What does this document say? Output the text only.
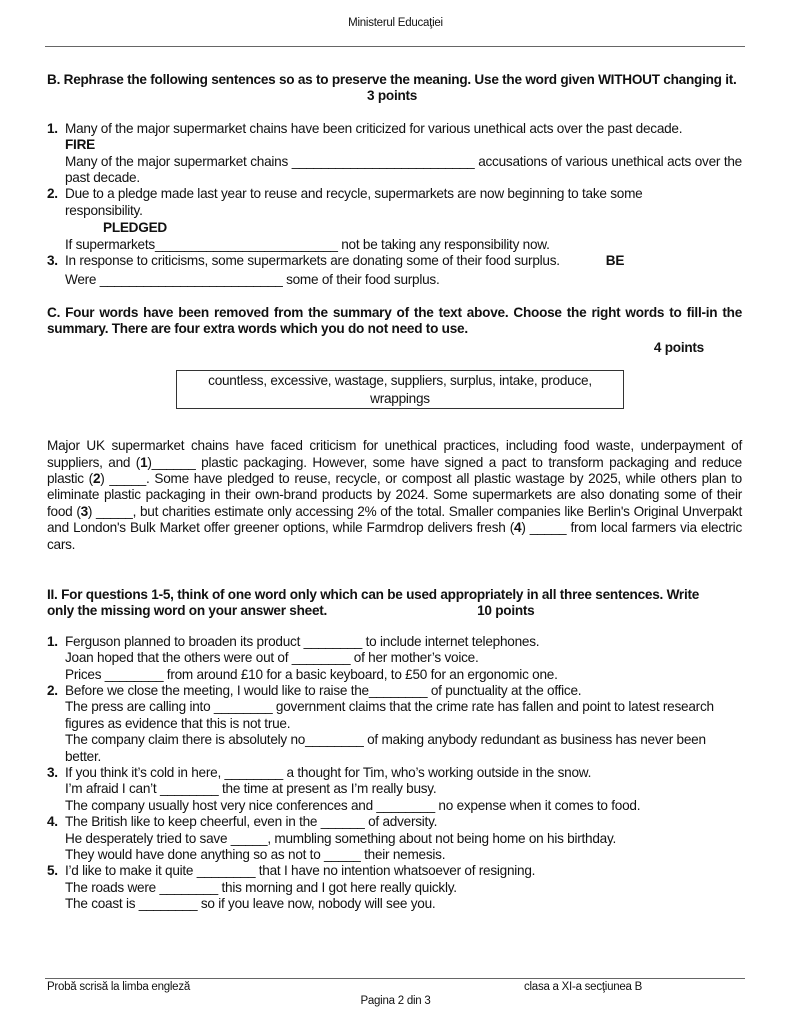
Ministerul Educaţiei
B. Rephrase the following sentences so as to preserve the meaning. Use the word given WITHOUT changing it.3 points
1. Many of the major supermarket chains have been criticized for various unethical acts over the past decade.
FIRE
Many of the major supermarket chains _________________________ accusations of various unethical acts over the past decade.
2. Due to a pledge made last year to reuse and recycle, supermarkets are now beginning to take some responsibility.
PLEDGED
If supermarkets_________________________ not be taking any responsibility now.
3. In response to criticisms, some supermarkets are donating some of their food surplus.	BE
Were _________________________ some of their food surplus.
C. Four words have been removed from the summary of the text above. Choose the right words to fill-in the summary. There are four extra words which you do not need to use.
4 points
countless, excessive, wastage, suppliers, surplus, intake, produce, wrappings
Major UK supermarket chains have faced criticism for unethical practices, including food waste, underpayment of suppliers, and (1)______ plastic packaging. However, some have signed a pact to transform packaging and reduce plastic (2) _____. Some have pledged to reuse, recycle, or compost all plastic wastage by 2025, while others plan to eliminate plastic packaging in their own-brand products by 2024. Some supermarkets are also donating some of their food (3) _____, but charities estimate only accessing 2% of the total. Smaller companies like Berlin's Original Unverpakt and London's Bulk Market offer greener options, while Farmdrop delivers fresh (4) _____ from local farmers via electric cars.
II. For questions 1-5, think of one word only which can be used appropriately in all three sentences. Write only the missing word on your answer sheet.	10 points
1. Ferguson planned to broaden its product ________ to include internet telephones.
Joan hoped that the others were out of ________ of her mother’s voice.
Prices ________ from around £10 for a basic keyboard, to £50 for an ergonomic one.
2. Before we close the meeting, I would like to raise the________ of punctuality at the office.
The press are calling into ________ government claims that the crime rate has fallen and point to latest research figures as evidence that this is not true.
The company claim there is absolutely no________ of making anybody redundant as business has never been better.
3. If you think it’s cold in here, ________ a thought for Tim, who’s working outside in the snow.
I’m afraid I can’t ________ the time at present as I’m really busy.
The company usually host very nice conferences and ________ no expense when it comes to food.
4. The British like to keep cheerful, even in the ______ of adversity.
He desperately tried to save _____, mumbling something about not being home on his birthday.
They would have done anything so as not to _____ their nemesis.
5. I’d like to make it quite ________ that I have no intention whatsoever of resigning.
The roads were ________ this morning and I got here really quickly.
The coast is ________ so if you leave now, nobody will see you.
Probă scrisă la limba engleză	clasa a XI-a secţiunea B
Pagina 2 din 3
